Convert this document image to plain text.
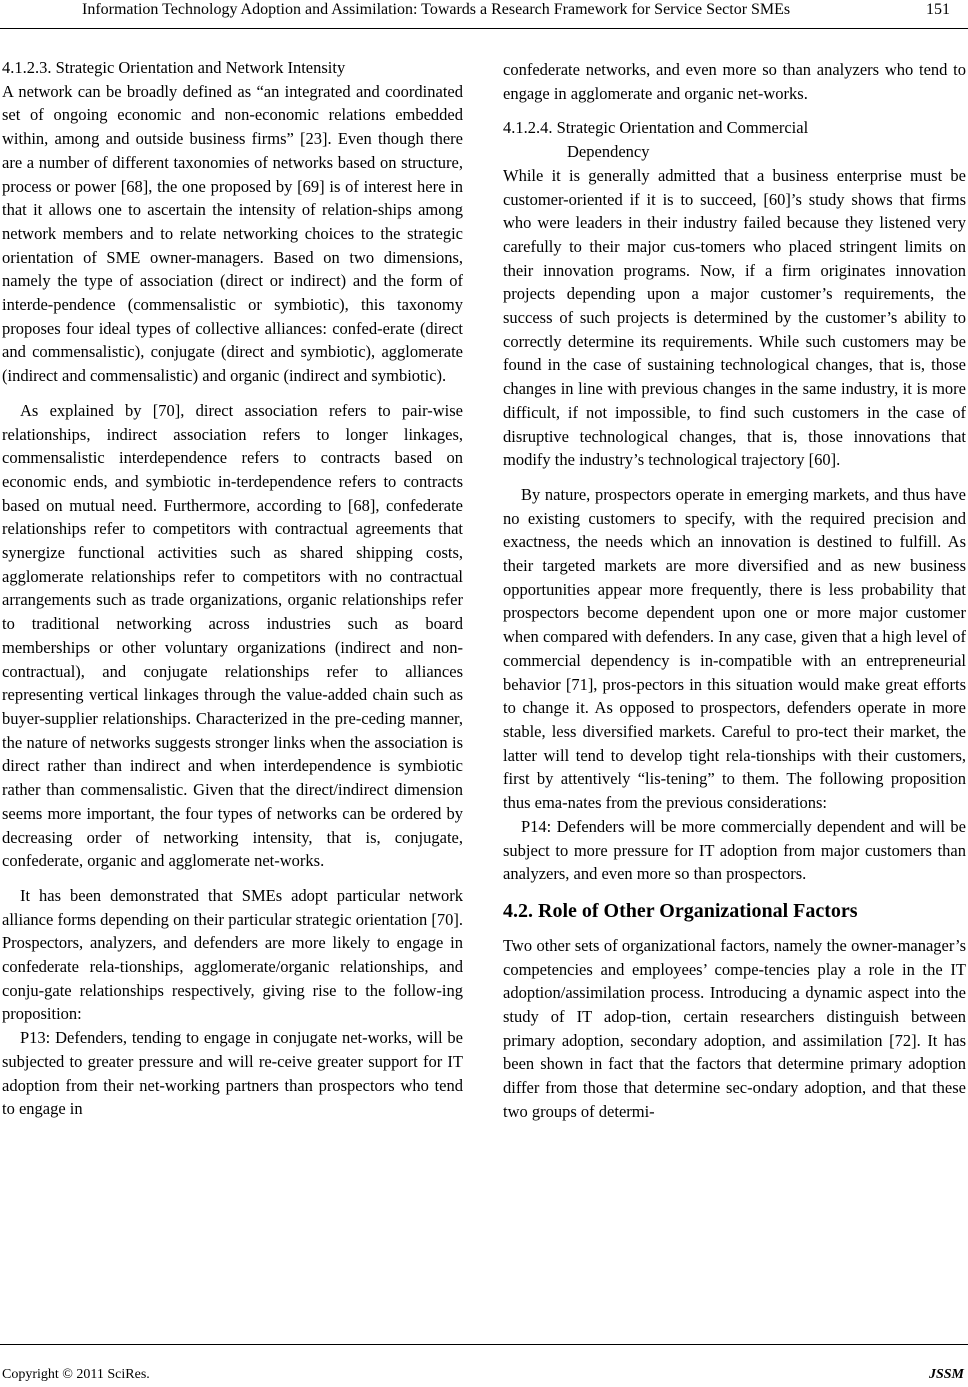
Information Technology Adoption and Assimilation: Towards a Research Framework for Service Sector SMEs	151

4.1.2.3. Strategic Orientation and Network Intensity

A network can be broadly defined as “an integrated and coordinated set of ongoing economic and non-economic relations embedded within, among and outside business firms” [23]. Even though there are a number of different taxonomies of networks based on structure, process or power [68], the one proposed by [69] is of interest here in that it allows one to ascertain the intensity of relation-ships among network members and to relate networking choices to the strategic orientation of SME owner-managers. Based on two dimensions, namely the type of association (direct or indirect) and the form of interde-pendence (commensalistic or symbiotic), this taxonomy proposes four ideal types of collective alliances: confed-erate (direct and commensalistic), conjugate (direct and symbiotic), agglomerate (indirect and commensalistic) and organic (indirect and symbiotic).

As explained by [70], direct association refers to pair-wise relationships, indirect association refers to longer linkages, commensalistic interdependence refers to contracts based on economic ends, and symbiotic in-terdependence refers to contracts based on mutual need. Furthermore, according to [68], confederate relationships refer to competitors with contractual agreements that synergize functional activities such as shared shipping costs, agglomerate relationships refer to competitors with no contractual arrangements such as trade organizations, organic relationships refer to traditional networking across industries such as board memberships or other voluntary organizations (indirect and non-contractual), and conjugate relationships refer to alliances representing vertical linkages through the value-added chain such as buyer-supplier relationships. Characterized in the pre-ceding manner, the nature of networks suggests stronger links when the association is direct rather than indirect and when interdependence is symbiotic rather than commensalistic. Given that the direct/indirect dimension seems more important, the four types of networks can be ordered by decreasing order of networking intensity, that is, conjugate, confederate, organic and agglomerate net-works.

It has been demonstrated that SMEs adopt particular network alliance forms depending on their particular strategic orientation [70]. Prospectors, analyzers, and defenders are more likely to engage in confederate rela-tionships, agglomerate/organic relationships, and conju-gate relationships respectively, giving rise to the follow-ing proposition:

P13: Defenders, tending to engage in conjugate net-works, will be subjected to greater pressure and will re-ceive greater support for IT adoption from their net-working partners than prospectors who tend to engage in

confederate networks, and even more so than analyzers who tend to engage in agglomerate and organic net-works.

4.1.2.4. Strategic Orientation and Commercial
Dependency

While it is generally admitted that a business enterprise must be customer-oriented if it is to succeed, [60]’s study shows that firms who were leaders in their industry failed because they listened very carefully to their major cus-tomers who placed stringent limits on their innovation programs. Now, if a firm originates innovation projects depending upon a major customer’s requirements, the success of such projects is determined by the customer’s ability to correctly determine its requirements. While such customers may be found in the case of sustaining technological changes, that is, those changes in line with previous changes in the same industry, it is more difficult, if not impossible, to find such customers in the case of disruptive technological changes, that is, those innovations that modify the industry’s technological trajectory [60].

By nature, prospectors operate in emerging markets, and thus have no existing customers to specify, with the required precision and exactness, the needs which an innovation is destined to fulfill. As their targeted markets are more diversified and as new business opportunities appear more frequently, there is less probability that prospectors become dependent upon one or more major customer when compared with defenders. In any case, given that a high level of commercial dependency is in-compatible with an entrepreneurial behavior [71], pros-pectors in this situation would make great efforts to change it. As opposed to prospectors, defenders operate in more stable, less diversified markets. Careful to pro-tect their market, the latter will tend to develop tight rela-tionships with their customers, first by attentively “lis-tening” to them. The following proposition thus ema-nates from the previous considerations:

P14: Defenders will be more commercially dependent and will be subject to more pressure for IT adoption from major customers than analyzers, and even more so than prospectors.

4.2. Role of Other Organizational Factors

Two other sets of organizational factors, namely the owner-manager’s competencies and employees’ compe-tencies play a role in the IT adoption/assimilation process. Introducing a dynamic aspect into the study of IT adop-tion, certain researchers distinguish between primary adoption, secondary adoption, and assimilation [72]. It has been shown in fact that the factors that determine primary adoption differ from those that determine sec-ondary adoption, and that these two groups of determi-

Copyright © 2011 SciRes.	JSSM
